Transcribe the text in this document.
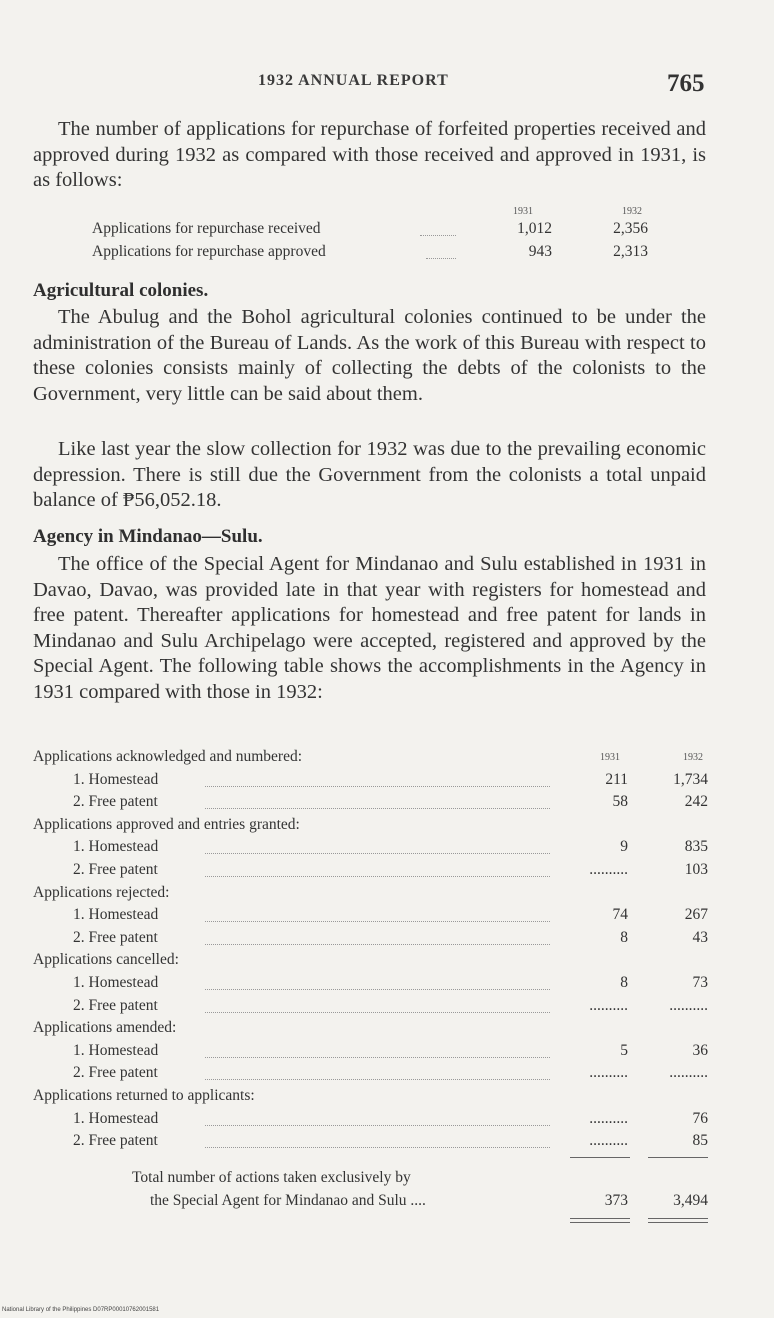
1932 ANNUAL REPORT	765
The number of applications for repurchase of forfeited properties received and approved during 1932 as compared with those received and approved in 1931, is as follows:
1931	1932
Applications for repurchase received	1,012	2,356
Applications for repurchase approved	943	2,313
Agricultural colonies.
The Abulug and the Bohol agricultural colonies continued to be under the administration of the Bureau of Lands. As the work of this Bureau with respect to these colonies consists mainly of collecting the debts of the colonists to the Government, very little can be said about them.
Like last year the slow collection for 1932 was due to the prevailing economic depression. There is still due the Government from the colonists a total unpaid balance of ₱56,052.18.
Agency in Mindanao—Sulu.
The office of the Special Agent for Mindanao and Sulu established in 1931 in Davao, Davao, was provided late in that year with registers for homestead and free patent. Thereafter applications for homestead and free patent for lands in Mindanao and Sulu Archipelago were accepted, registered and approved by the Special Agent. The following table shows the accomplishments in the Agency in 1931 compared with those in 1932:
1931	1932
Applications acknowledged and numbered:
1. Homestead	211	1,734
2. Free patent	58	242
Applications approved and entries granted:
1. Homestead	9	835
2. Free patent	..........	103
Applications rejected:
1. Homestead	74	267
2. Free patent	8	43
Applications cancelled:
1. Homestead	8	73
2. Free patent	..........	..........
Applications amended:
1. Homestead	5	36
2. Free patent	..........	..........
Applications returned to applicants:
1. Homestead	..........	76
2. Free patent	..........	85
Total number of actions taken exclusively by
the Special Agent for Mindanao and Sulu ....	373	3,494
National Library of the Philippines D07RP00010762001581
